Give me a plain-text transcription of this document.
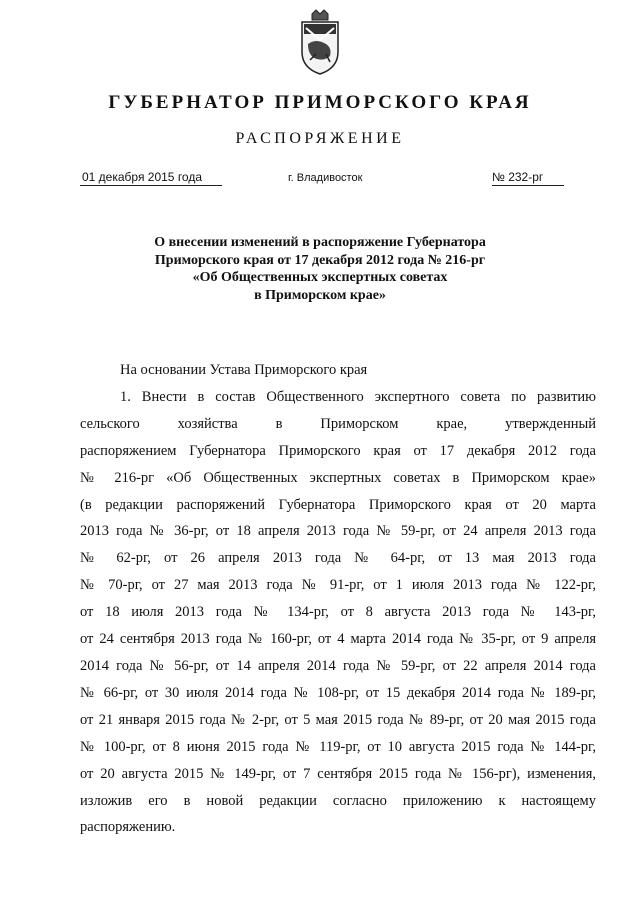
ГУБЕРНАТОР ПРИМОРСКОГО КРАЯ
РАСПОРЯЖЕНИЕ
01 декабря 2015 года	г. Владивосток	№ 232-рг
О внесении изменений в распоряжение Губернатора
Приморского края от 17 декабря 2012 года № 216-рг
«Об Общественных экспертных советах
в Приморском крае»
На основании Устава Приморского края
1. Внести в состав Общественного экспертного совета по развитию
сельского хозяйства в Приморском крае, утвержденный
распоряжением Губернатора Приморского края от 17 декабря 2012 года
№ 216-рг «Об Общественных экспертных советах в Приморском крае»
(в редакции распоряжений Губернатора Приморского края от 20 марта
2013 года № 36-рг, от 18 апреля 2013 года № 59-рг, от 24 апреля 2013 года
№ 62-рг, от 26 апреля 2013 года № 64-рг, от 13 мая 2013 года
№ 70-рг, от 27 мая 2013 года № 91-рг, от 1 июля 2013 года № 122-рг,
от 18 июля 2013 года № 134-рг, от 8 августа 2013 года № 143-рг,
от 24 сентября 2013 года № 160-рг, от 4 марта 2014 года № 35-рг, от 9 апреля
2014 года № 56-рг, от 14 апреля 2014 года № 59-рг, от 22 апреля 2014 года
№ 66-рг, от 30 июля 2014 года № 108-рг, от 15 декабря 2014 года № 189-рг,
от 21 января 2015 года № 2-рг, от 5 мая 2015 года № 89-рг, от 20 мая 2015 года
№ 100-рг, от 8 июня 2015 года № 119-рг, от 10 августа 2015 года № 144-рг,
от 20 августа 2015 № 149-рг, от 7 сентября 2015 года № 156-рг), изменения,
изложив его в новой редакции согласно приложению к настоящему
распоряжению.
